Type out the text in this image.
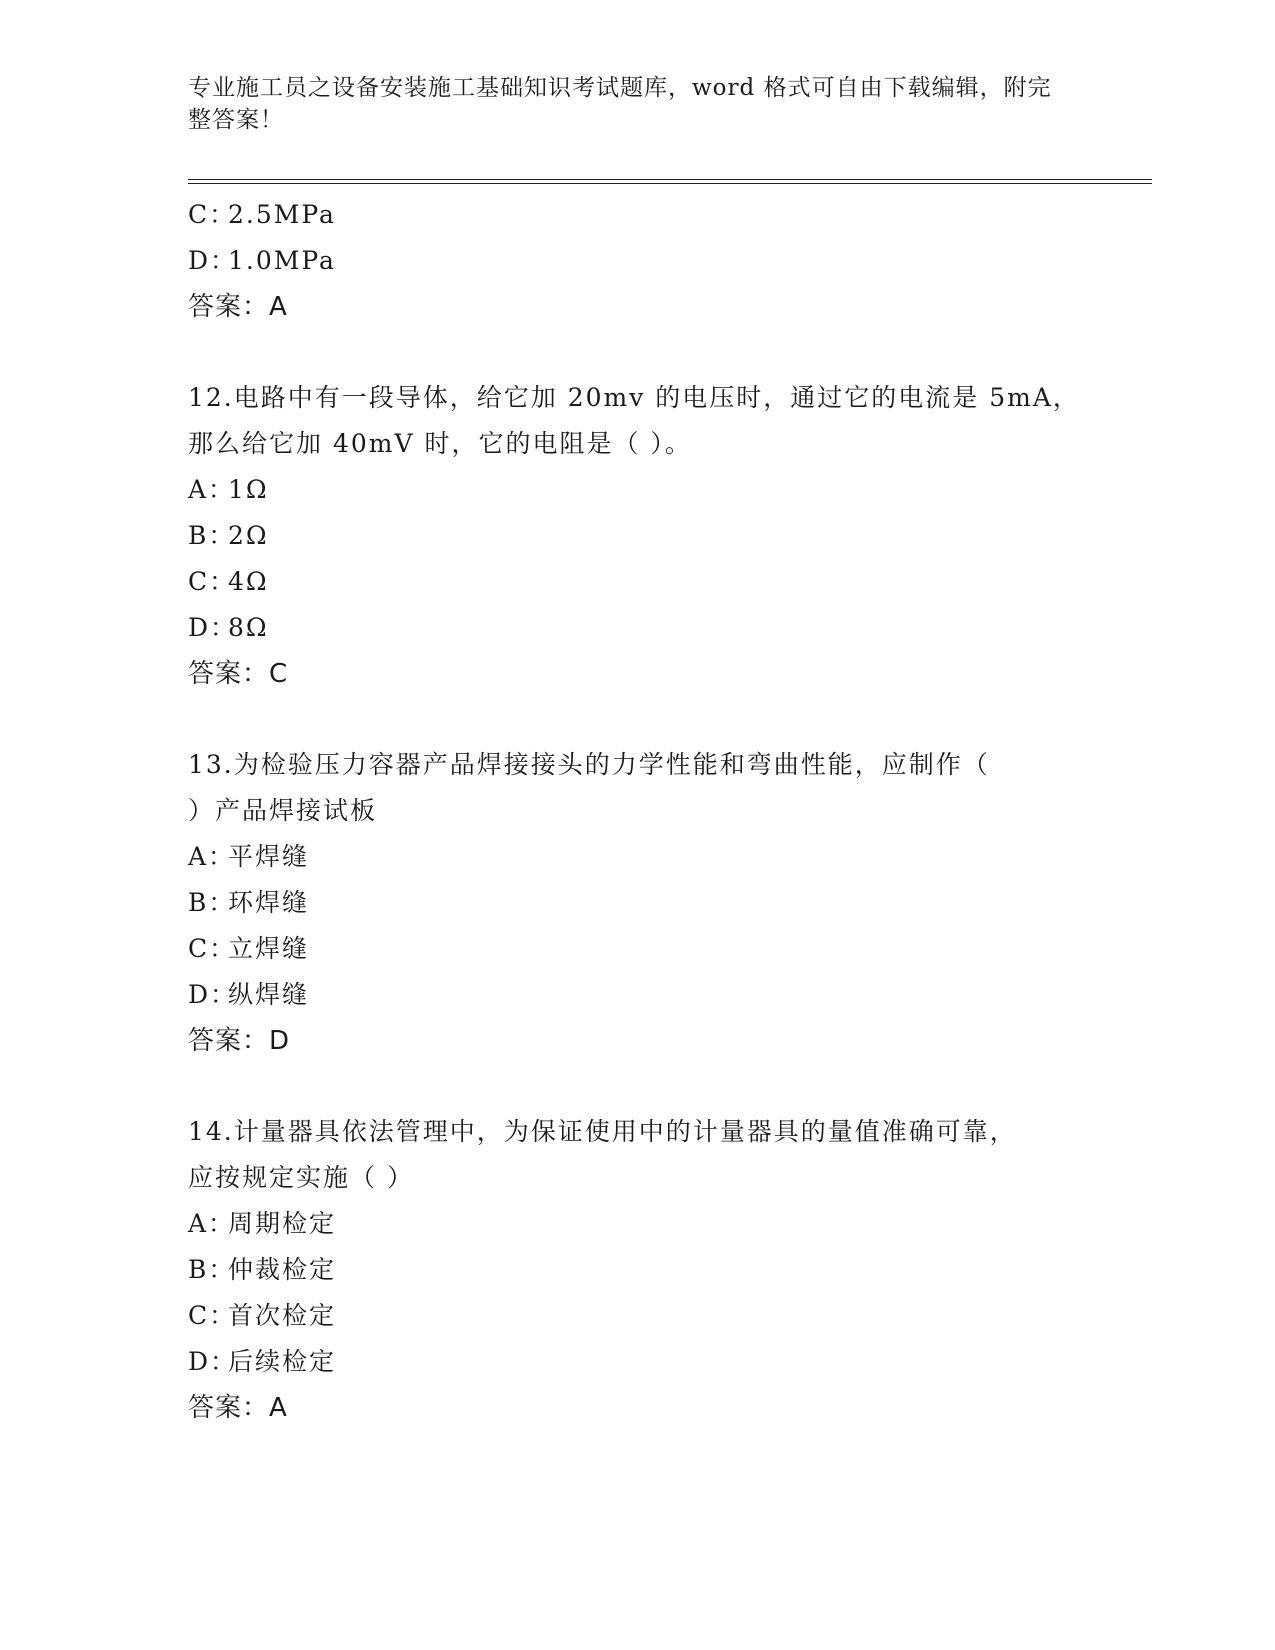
专业施工员之设备安装施工基础知识考试题库，word 格式可自由下载编辑，附完
整答案！
C：2.5MPa
D：1.0MPa
答案：A
12.电路中有一段导体，给它加 20mv 的电压时，通过它的电流是 5mA，
那么给它加 40mV 时，它的电阻是（ ）。
A：1Ω
B：2Ω
C：4Ω
D：8Ω
答案：C
13.为检验压力容器产品焊接接头的力学性能和弯曲性能，应制作（
）产品焊接试板
A：平焊缝
B：环焊缝
C：立焊缝
D：纵焊缝
答案：D
14.计量器具依法管理中，为保证使用中的计量器具的量值准确可靠，
应按规定实施（ ）
A：周期检定
B：仲裁检定
C：首次检定
D：后续检定
答案：A
